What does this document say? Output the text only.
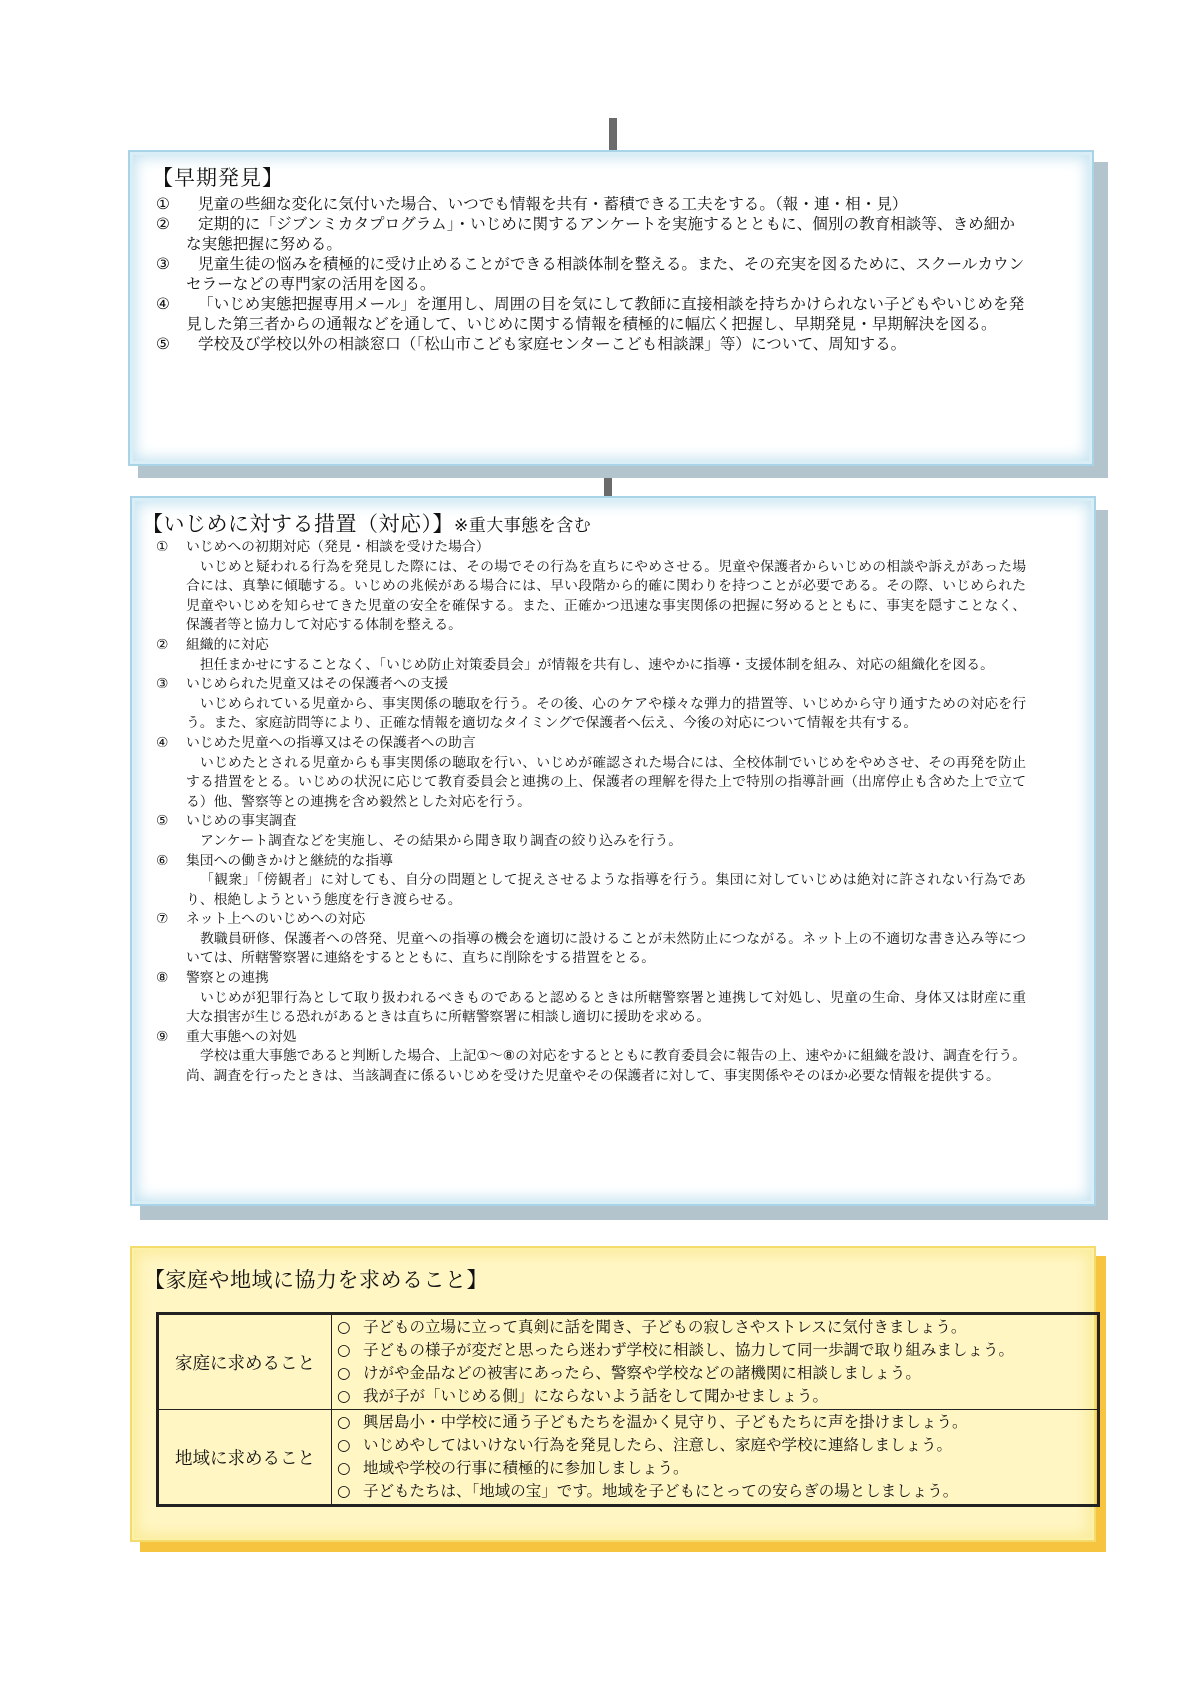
【早期発見】
①	児童の些細な変化に気付いた場合、いつでも情報を共有・蓄積できる工夫をする。（報・連・相・見）
②	定期的に「ジブンミカタプログラム」・いじめに関するアンケートを実施するとともに、個別の教育相談等、きめ細かな実態把握に努める。
③	児童生徒の悩みを積極的に受け止めることができる相談体制を整える。また、その充実を図るために、スクールカウンセラーなどの専門家の活用を図る。
④	「いじめ実態把握専用メール」を運用し、周囲の目を気にして教師に直接相談を持ちかけられない子どもやいじめを発見した第三者からの通報などを通して、いじめに関する情報を積極的に幅広く把握し、早期発見・早期解決を図る。
⑤	学校及び学校以外の相談窓口（「松山市こども家庭センターこども相談課」等）について、周知する。
【いじめに対する措置（対応）】※重大事態を含む
① いじめへの初期対応（発見・相談を受けた場合）
いじめと疑われる行為を発見した際には、その場でその行為を直ちにやめさせる。児童や保護者からいじめの相談や訴えがあった場合には、真摯に傾聴する。いじめの兆候がある場合には、早い段階から的確に関わりを持つことが必要である。その際、いじめられた児童やいじめを知らせてきた児童の安全を確保する。また、正確かつ迅速な事実関係の把握に努めるとともに、事実を隠すことなく、保護者等と協力して対応する体制を整える。
② 組織的に対応
担任まかせにすることなく、「いじめ防止対策委員会」が情報を共有し、速やかに指導・支援体制を組み、対応の組織化を図る。
③ いじめられた児童又はその保護者への支援
いじめられている児童から、事実関係の聴取を行う。その後、心のケアや様々な弾力的措置等、いじめから守り通すための対応を行う。また、家庭訪問等により、正確な情報を適切なタイミングで保護者へ伝え、今後の対応について情報を共有する。
④ いじめた児童への指導又はその保護者への助言
いじめたとされる児童からも事実関係の聴取を行い、いじめが確認された場合には、全校体制でいじめをやめさせ、その再発を防止する措置をとる。いじめの状況に応じて教育委員会と連携の上、保護者の理解を得た上で特別の指導計画（出席停止も含めた上で立てる）他、警察等との連携を含め毅然とした対応を行う。
⑤ いじめの事実調査
アンケート調査などを実施し、その結果から聞き取り調査の絞り込みを行う。
⑥ 集団への働きかけと継続的な指導
「観衆」「傍観者」に対しても、自分の問題として捉えさせるような指導を行う。集団に対していじめは絶対に許されない行為であり、根絶しようという態度を行き渡らせる。
⑦ ネット上へのいじめへの対応
教職員研修、保護者への啓発、児童への指導の機会を適切に設けることが未然防止につながる。ネット上の不適切な書き込み等については、所轄警察署に連絡をするとともに、直ちに削除をする措置をとる。
⑧ 警察との連携
いじめが犯罪行為として取り扱われるべきものであると認めるときは所轄警察署と連携して対処し、児童の生命、身体又は財産に重大な損害が生じる恐れがあるときは直ちに所轄警察署に相談し適切に援助を求める。
⑨ 重大事態への対処
学校は重大事態であると判断した場合、上記①～⑧の対応をするとともに教育委員会に報告の上、速やかに組織を設け、調査を行う。尚、調査を行ったときは、当該調査に係るいじめを受けた児童やその保護者に対して、事実関係やそのほか必要な情報を提供する。
【家庭や地域に協力を求めること】
家庭に求めること	○ 子どもの立場に立って真剣に話を聞き、子どもの寂しさやストレスに気付きましょう。
○ 子どもの様子が変だと思ったら迷わず学校に相談し、協力して同一歩調で取り組みましょう。
○ けがや金品などの被害にあったら、警察や学校などの諸機関に相談しましょう。
○ 我が子が「いじめる側」にならないよう話をして聞かせましょう。

地域に求めること	○ 興居島小・中学校に通う子どもたちを温かく見守り、子どもたちに声を掛けましょう。
○ いじめやしてはいけない行為を発見したら、注意し、家庭や学校に連絡しましょう。
○ 地域や学校の行事に積極的に参加しましょう。
○ 子どもたちは、「地域の宝」です。地域を子どもにとっての安らぎの場としましょう。
